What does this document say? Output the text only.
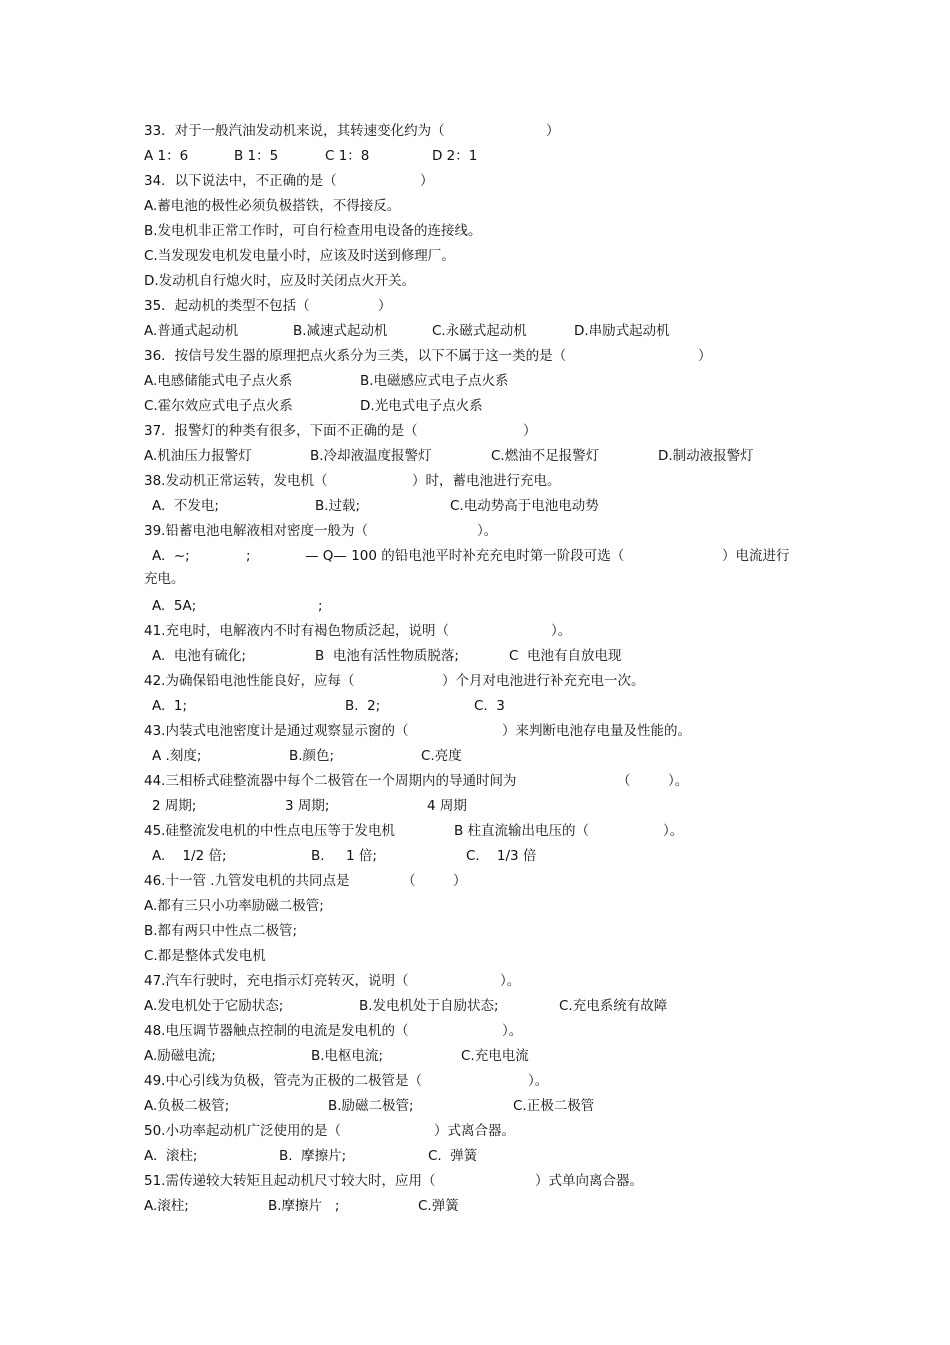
33．对于一般汽油发动机来说，其转速变化约为（	）
A 1：6	B 1：5	C 1：8	D 2：1
34．以下说法中，不正确的是（	）
A.蓄电池的极性必须负极搭铁，不得接反。
B.发电机非正常工作时，可自行检查用电设备的连接线。
C.当发现发电机发电量小时，应该及时送到修理厂。
D.发动机自行熄火时，应及时关闭点火开关。
35．起动机的类型不包括（	）
A.普通式起动机	B.减速式起动机	C.永磁式起动机	D.串励式起动机
36．按信号发生器的原理把点火系分为三类，以下不属于这一类的是（	）
A.电感储能式电子点火系	B.电磁感应式电子点火系
C.霍尔效应式电子点火系	D.光电式电子点火系
37．报警灯的种类有很多，下面不正确的是（	）
A.机油压力报警灯	B.冷却液温度报警灯	C.燃油不足报警灯	D.制动液报警灯
38.发动机正常运转，发电机（	）时，蓄电池进行充电。
A.  不发电;	B.过载;	C.电动势高于电池电动势
39.铅蓄电池电解液相对密度一般为（	）。
A.  ~;	;	— Q— 100 的铅电池平时补充充电时第一阶段可选（	）电流进行
充电。
A.  5A;	;
41.充电时，电解液内不时有褐色物质泛起，说明（	）。
A.  电池有硫化;	B  电池有活性物质脱落;	C  电池有自放电现
42.为确保铅电池性能良好，应每（	）个月对电池进行补充充电一次。
A.  1;	B.  2;	C.  3
43.内装式电池密度计是通过观察显示窗的（	）来判断电池存电量及性能的。
A .刻度;	B.颜色;	C.亮度
44.三相桥式硅整流器中每个二极管在一个周期内的导通时间为	（	）。
2 周期;	3 周期;	4 周期
45.硅整流发电机的中性点电压等于发电机	B 柱直流输出电压的（	）。
A.    1/2 倍;	B.     1 倍;	C.    1/3 倍
46.十一管 .九管发电机的共同点是	（	）
A.都有三只小功率励磁二极管;
B.都有两只中性点二极管;
C.都是整体式发电机
47.汽车行驶时，充电指示灯亮转灭，说明（	）。
A.发电机处于它励状态;	B.发电机处于自励状态;	C.充电系统有故障
48.电压调节器触点控制的电流是发电机的（	）。
A.励磁电流;	B.电枢电流;	C.充电电流
49.中心引线为负极，管壳为正极的二极管是（	）。
A.负极二极管;	B.励磁二极管;	C.正极二极管
50.小功率起动机广泛使用的是（	）式离合器。
A.  滚柱;	B.  摩擦片;	C.  弹簧
51.需传递较大转矩且起动机尺寸较大时，应用（	）式单向离合器。
A.滚柱;	B.摩擦片   ;	C.弹簧
